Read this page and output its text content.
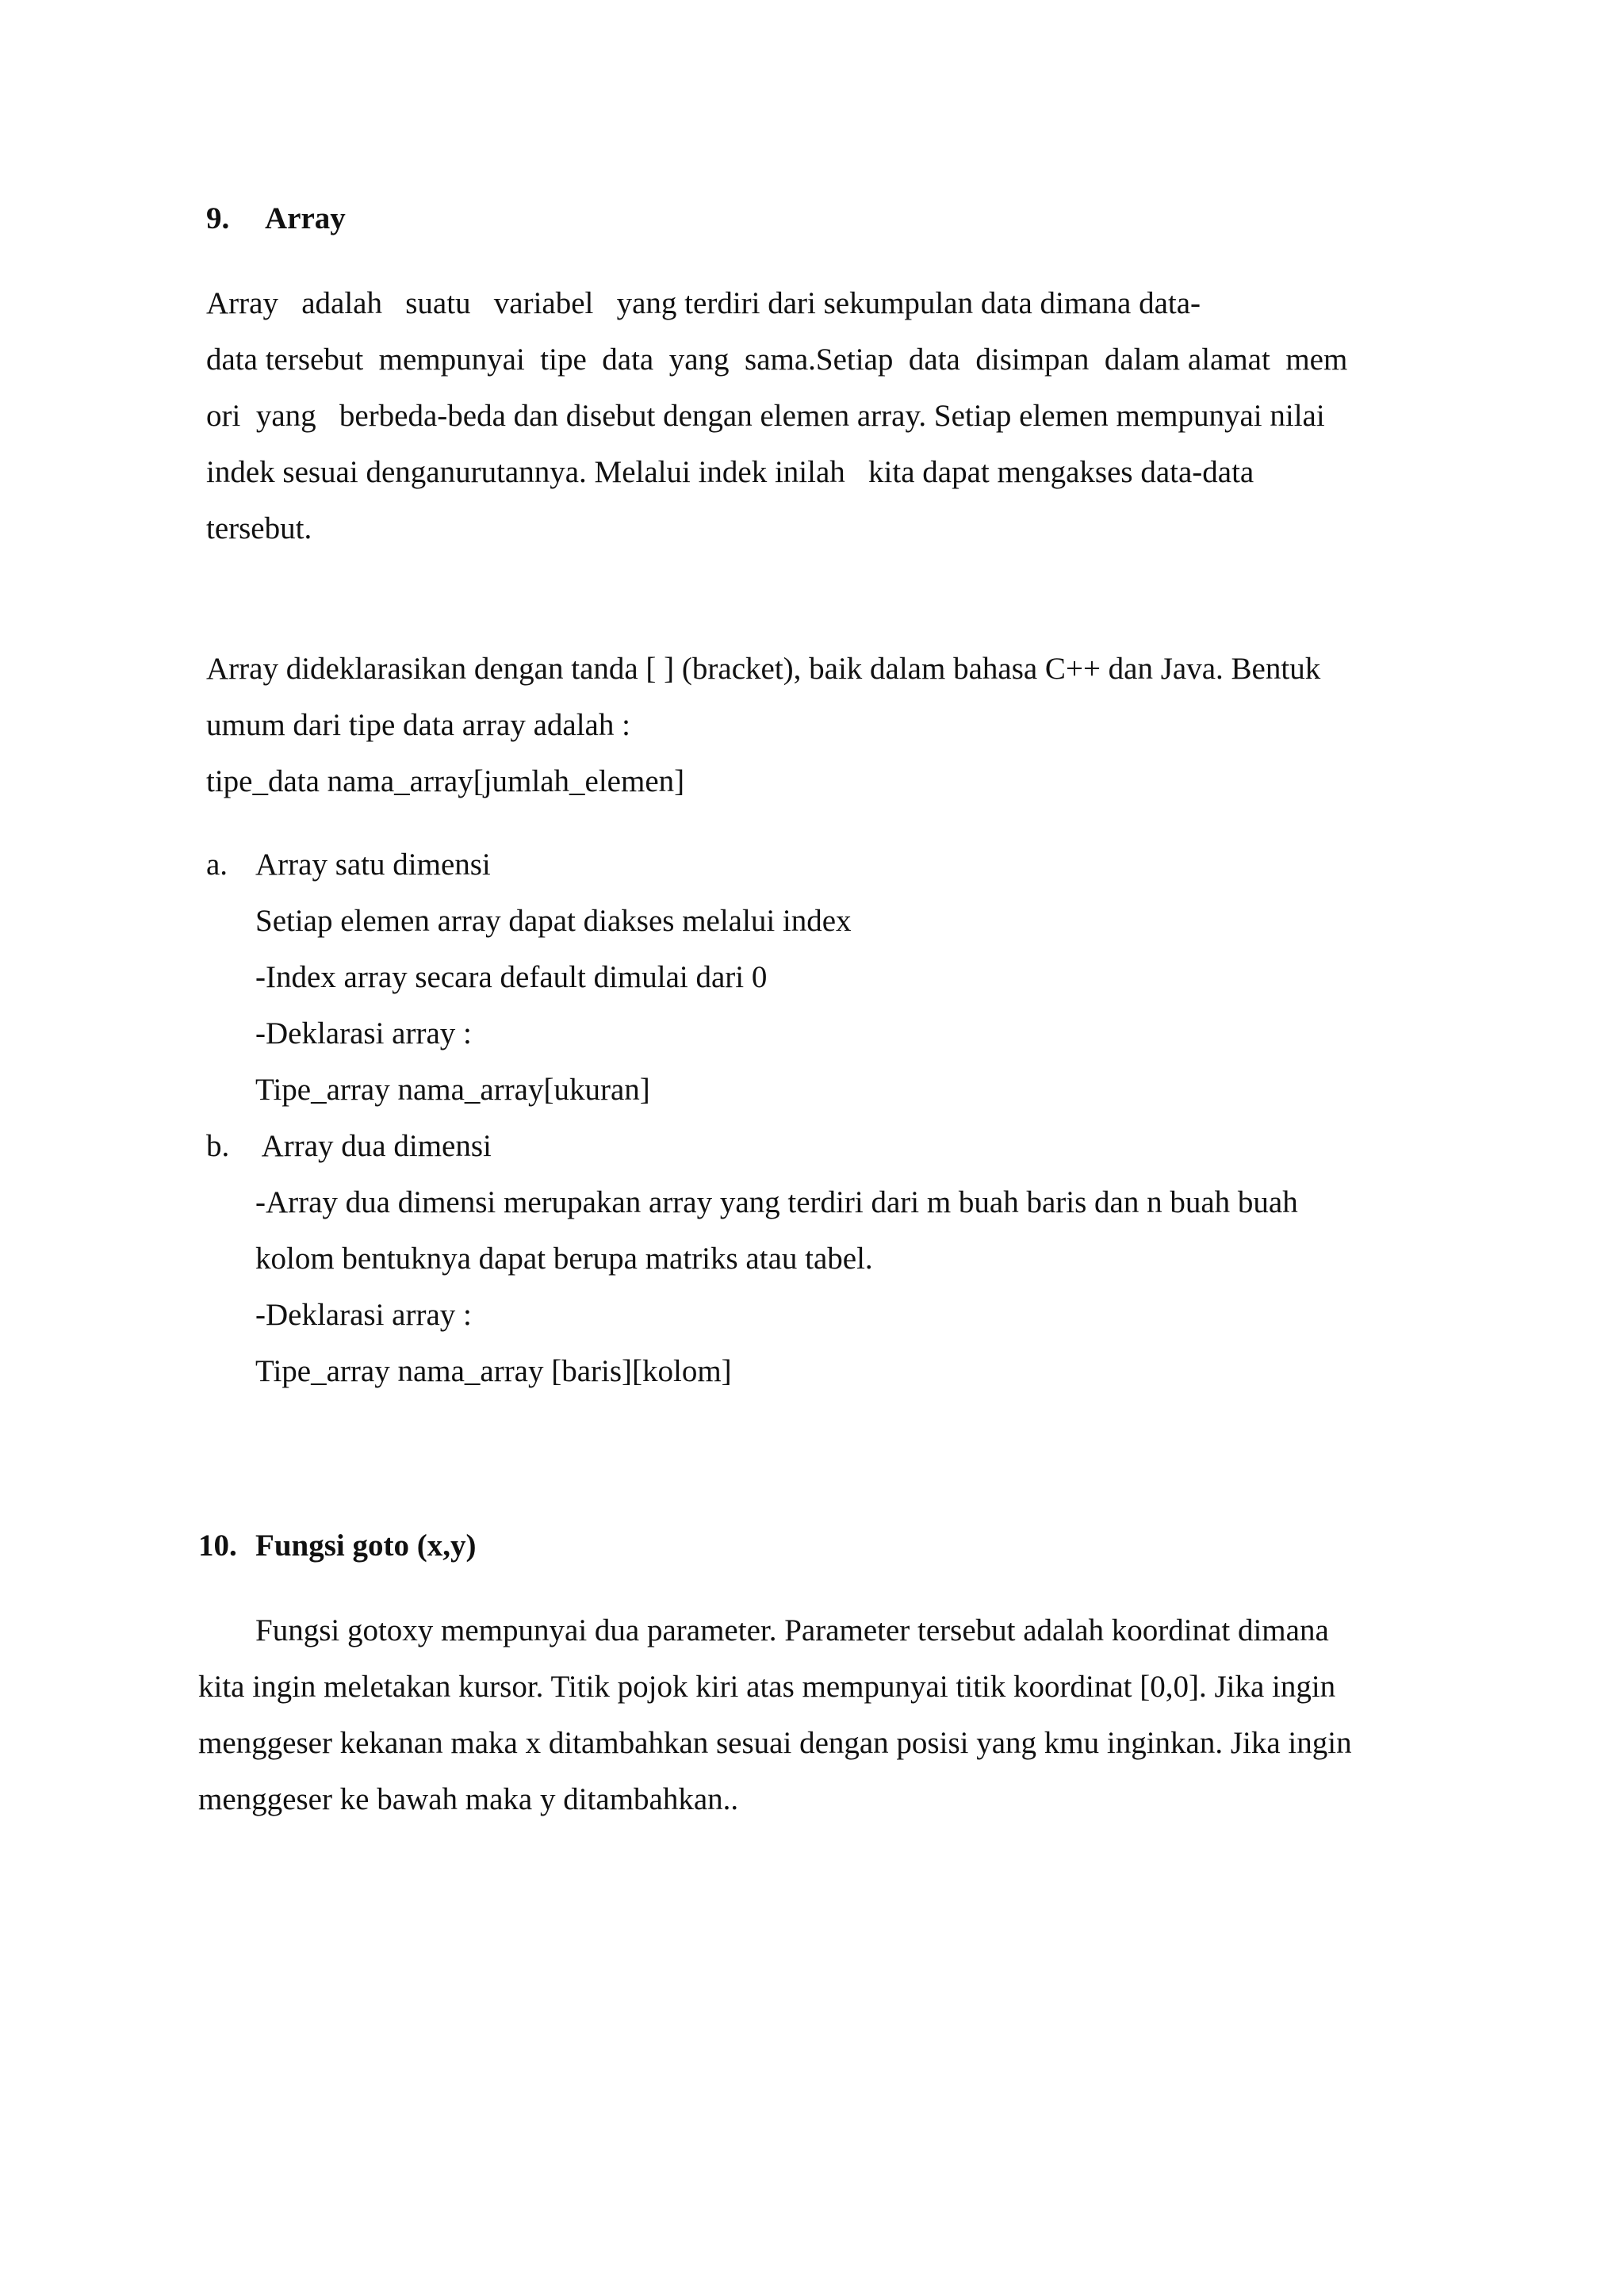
9. Array
Array   adalah   suatu   variabel   yang terdiri dari sekumpulan data dimana data-
data tersebut  mempunyai  tipe  data  yang  sama.Setiap  data  disimpan  dalam alamat  mem
ori  yang   berbeda-beda dan disebut dengan elemen array. Setiap elemen mempunyai nilai
indek sesuai denganurutannya. Melalui indek inilah   kita dapat mengakses data-data
tersebut.
Array dideklarasikan dengan tanda [ ] (bracket), baik dalam bahasa C++ dan Java. Bentuk
umum dari tipe data array adalah :
tipe_data nama_array[jumlah_elemen]
a. Array satu dimensi
Setiap elemen array dapat diakses melalui index
-Index array secara default dimulai dari 0
-Deklarasi array :
Tipe_array nama_array[ukuran]
b. Array dua dimensi
-Array dua dimensi merupakan array yang terdiri dari m buah baris dan n buah buah
kolom bentuknya dapat berupa matriks atau tabel.
-Deklarasi array :
Tipe_array nama_array [baris][kolom]
10. Fungsi goto (x,y)
Fungsi gotoxy mempunyai dua parameter. Parameter tersebut adalah koordinat dimana
kita ingin meletakan kursor. Titik pojok kiri atas mempunyai titik koordinat [0,0]. Jika ingin
menggeser kekanan maka x ditambahkan sesuai dengan posisi yang kmu inginkan. Jika ingin
menggeser ke bawah maka y ditambahkan..
